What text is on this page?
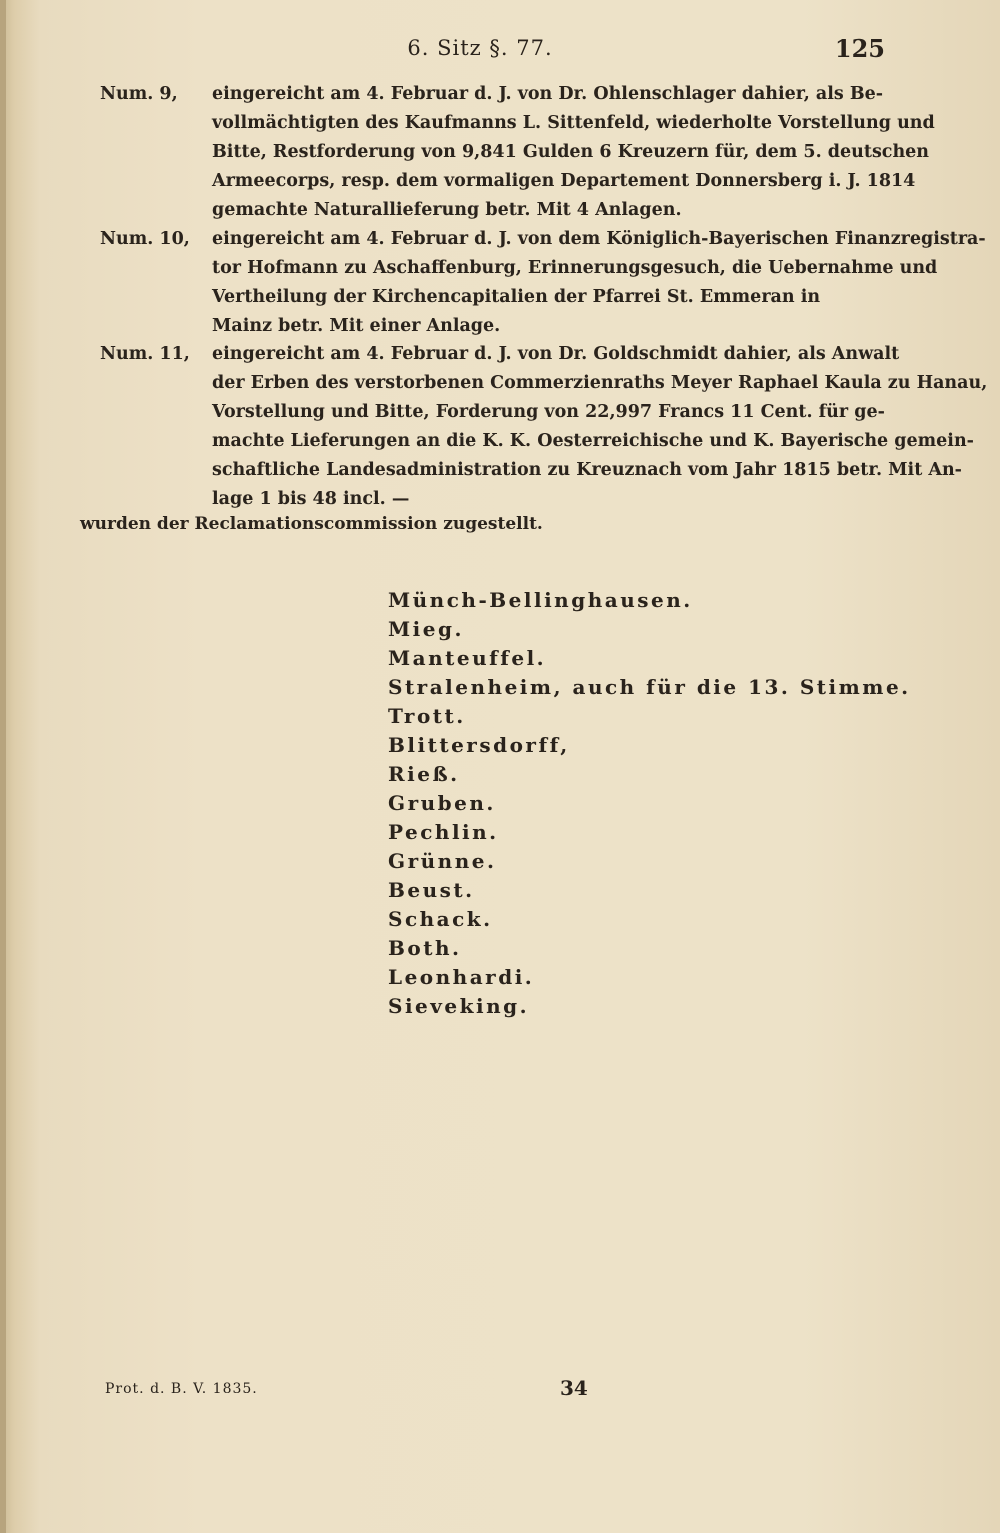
6. Sitz §. 77.	125
Num. 9,	eingereicht am 4. Februar d. J. von Dr. Ohlenschlager dahier, als Be-
vollmächtigten des Kaufmanns L. Sittenfeld, wiederholte Vorstellung und
Bitte, Restforderung von 9,841 Gulden 6 Kreuzern für, dem 5. deutschen
Armeecorps, resp. dem vormaligen Departement Donnersberg i. J. 1814
gemachte Naturallieferung betr. Mit 4 Anlagen.
Num. 10,	eingereicht am 4. Februar d. J. von dem Königlich-Bayerischen Finanzregistra-
tor Hofmann zu Aschaffenburg, Erinnerungsgesuch, die Uebernahme und
Vertheilung der Kirchencapitalien der Pfarrei St. Emmeran in
Mainz betr. Mit einer Anlage.
Num. 11,	eingereicht am 4. Februar d. J. von Dr. Goldschmidt dahier, als Anwalt
der Erben des verstorbenen Commerzienraths Meyer Raphael Kaula zu Hanau,
Vorstellung und Bitte, Forderung von 22,997 Francs 11 Cent. für ge-
machte Lieferungen an die K. K. Oesterreichische und K. Bayerische gemein-
schaftliche Landesadministration zu Kreuznach vom Jahr 1815 betr. Mit An-
lage 1 bis 48 incl. —
wurden der Reclamationscommission zugestellt.
Münch-Bellinghausen.
Mieg.
Manteuffel.
Stralenheim, auch für die 13. Stimme.
Trott.
Blittersdorff,
Rieß.
Gruben.
Pechlin.
Grünne.
Beust.
Schack.
Both.
Leonhardi.
Sieveking.
Prot. d. B. V. 1835.	34
